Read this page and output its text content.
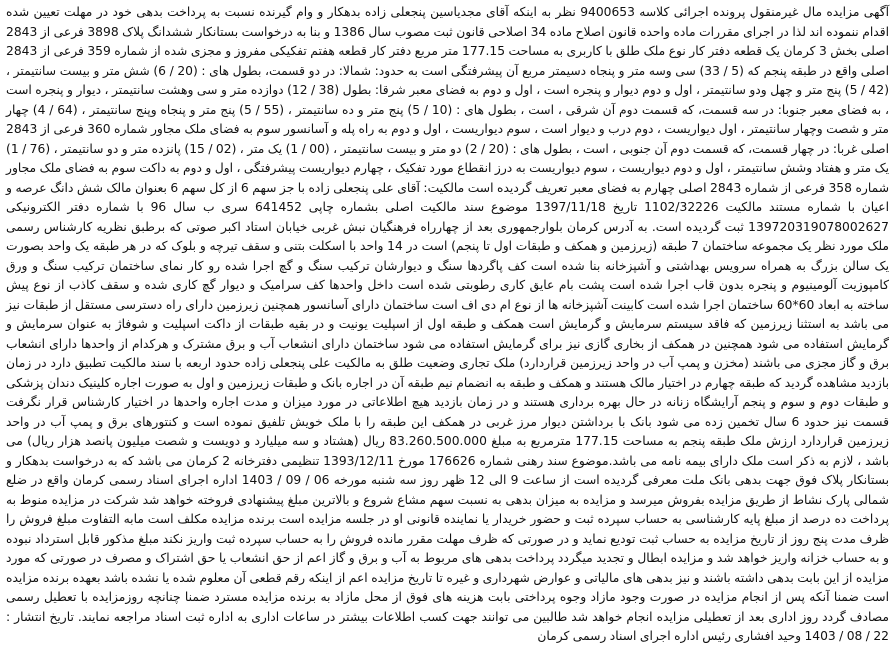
آگهی مزایده مال غیرمنقول پرونده اجرائی کلاسه 9400653 نظر به اینکه آقای مجدیاسین پنجعلی زاده بدهکار و وام گیرنده نسبت به پرداخت بدهی خود در مهلت تعیین شده اقدام ننموده اند لذا در اجرای مقررات ماده واحده قانون اصلاح ماده 34 اصلاحی قانون ثبت مصوب سال 1386 و بنا به درخواست بستانکار ششدانگ پلاک 3898 فرعی از 2843 اصلی بخش 3 کرمان یک قطعه دفتر کار نوع ملک طلق با کاربری به مساحت 177.15 متر مربع دفتر کار قطعه هفتم تفکیکی مفروز و مجزی شده از شماره 359 فرعی از 2843 اصلی واقع در طبقه پنجم که (5 / 33) سی وسه متر و پنجاه دسیمتر مربع آن پیشرفتگی است به حدود: شمالا: در دو قسمت، بطول های : (20 / 6) شش متر و بیست سانتیمتر ، (42 / 5) پنج متر و چهل ودو سانتیمتر ، اول و دوم دیوار و پنجره است ، اول و دوم به فضای معبر شرقا: بطول (38 / 12) دوازده متر و سی وهشت سانتیمتر ، دیوار و پنجره است ، به فضای معبر جنوبا: در سه قسمت، که قسمت دوم آن شرقی ، است ، بطول های : (10 / 5) پنج متر و ده سانتیمتر ، (55 / 5) پنج متر و پنجاه وپنج سانتیمتر ، (64 / 4) چهار متر و شصت وچهار سانتیمتر ، اول دیواریست ، دوم درب و دیوار است ، سوم دیواریست ، اول و دوم به راه پله و آسانسور سوم به فضای ملک مجاور شماره 360 فرعی از 2843 اصلی غربا: در چهار قسمت، که قسمت دوم آن جنوبی ، است ، بطول های : (20 / 2) دو متر و بیست سانتیمتر ، (00 / 1) یک متر ، (02 / 15) پانزده متر و دو سانتیمتر ، (76 / 1) یک متر و هفتاد وشش سانتیمتر ، اول و دوم دیواریست ، سوم دیواریست به درز انقطاع مورد تفکیک ، چهارم دیواریست پیشرفتگی ، اول و دوم به داکت سوم به فضای ملک مجاور شماره 358 فرعی از شماره 2843 اصلی چهارم به فضای معبر تعریف گردیده است مالکیت: آقای علی پنجعلی زاده با جز سهم 6 از کل سهم 6 بعنوان مالک شش دانگ عرصه و اعیان با شماره مستند مالکیت 1102/32226 تاریخ 1397/11/18 موضوع سند مالکیت اصلی بشماره چاپی 641452 سری ب سال 96 با شماره دفتر الکترونیکی 139720319078002627 ثبت گردیده است. به آدرس کرمان بلوارجمهوری بعد از چهارراه فرهنگیان نبش غربی خیابان استاد اکبر صوتی که برطبق نظریه کارشناس رسمی ملک مورد نظر یک مجموعه ساختمان 7 طبقه (زیرزمین و همکف و طبقات اول تا پنجم) است در 14 واحد با اسکلت بتنی و سقف تیرچه و بلوک که در هر طبقه یک واحد بصورت یک سالن بزرگ به همراه سرویس بهداشتی و آشپزخانه بنا شده است کف پاگردها سنگ و دیوارشان ترکیب سنگ و گچ اجرا شده رو کار نمای ساختمان ترکیب سنگ و ورق کامپوزیت آلومینیوم و پنجره بدون قاب اجرا شده است پشت بام عایق کاری رطوبتی شده است داخل واحدها کف سرامیک و دیوار گچ کاری شده و سقف کاذب از نوع پیش ساخته به ابعاد 60*60 ساختمان اجرا شده است کابینت آشپزخانه ها از نوع ام دی اف است ساختمان دارای آسانسور همچنین زیرزمین دارای راه دسترسی مستقل از طبقات نیز می باشد به استثنا زیرزمین که فاقد سیستم سرمایش و گرمایش است همکف و طبقه اول از اسپلیت یونیت و در بقیه طبقات از داکت اسپلیت و شوفاژ به عنوان سرمایش و گرمایش استفاده می شود همچنین در همکف از بخاری گازی نیز برای گرمایش استفاده می شود ساختمان دارای انشعاب آب و برق مشترک و هرکدام از واحدها دارای انشعاب برق و گاز مجزی می باشند (مخزن و پمپ آب در واحد زیرزمین قراردارد) ملک تجاری وضعیت طلق به مالکیت علی پنجعلی زاده حدود اربعه با سند مالکیت تطبیق دارد در زمان بازدید مشاهده گردید که طبقه چهارم در اختیار مالک هستند و همکف و طبقه به انضمام نیم طبقه آن در اجاره بانک و طبقات زیرزمین و اول به صورت اجاره کلینیک دندان پزشکی و طبقات دوم و سوم و پنجم آرایشگاه زنانه در حال بهره برداری هستند و در زمان بازدید هیچ اطلاعاتی در مورد میزان و مدت اجاره واحدها در اختیار کارشناس قرار نگرفت قسمت نیز حدود 6 سال تخمین زده می شود بانک با برداشتن دیوار مرز غربی در همکف این طبقه را با ملک خویش تلفیق نموده است و کنتورهای برق و پمپ آب در واحد زیرزمین قراردارد ارزش ملک طبقه پنجم به مساحت 177.15 مترمربع به مبلغ 83.260.500.000 ریال (هشتاد و سه میلیارد و دویست و شصت میلیون پانصد هزار ریال) می باشد ، لازم به ذکر است ملک دارای بیمه نامه می باشد.موضوع سند رهنی شماره 176626 مورخ 1393/12/11 تنظیمی دفترخانه 2 کرمان می باشد که به درخواست بدهکار و بستانکار پلاک فوق جهت بدهی بانک ملت معرفی گردیده است از ساعت 9 الی 12 ظهر روز سه شنبه مورخه 06 / 09 / 1403 اداره اجرای اسناد رسمی کرمان واقع در ضلع شمالی پارک نشاط از طریق مزایده بفروش میرسد و مزایده به میزان بدهی به نسبت سهم مشاع شروع و بالاترین مبلغ پیشنهادی فروخته خواهد شد شرکت در مزایده منوط به پرداخت ده درصد از مبلغ پایه کارشناسی به حساب سپرده ثبت و حضور خریدار یا نماینده قانونی او در جلسه مزایده است برنده مزایده مکلف است مابه التفاوت مبلغ فروش را ظرف مدت پنج روز از تاریخ مزایده به حساب ثبت توديع نمايد و در صورتی که ظرف مهلت مقرر مانده فروش را به حساب سپرده ثبت واریز نکند مبلغ مذکور قابل استرداد نبوده و به حساب خزانه واریز خواهد شد و مزایده ابطال و تجدید میگردد پرداخت بدهی های مربوط به آب و برق و گاز اعم از حق انشعاب یا حق اشتراک و مصرف در صورتی که مورد مزایده از این بابت بدهی داشته باشند و نیز بدهی های مالیاتی و عوارض شهرداری و غیره تا تاریخ مزایده اعم از اینکه رقم قطعی آن معلوم شده یا نشده باشد بعهده برنده مزایده است ضمنا آنکه پس از انجام مزایده در صورت وجود مازاد وجوه پرداختی بابت هزینه های فوق از محل مازاد به برنده مزایده مسترد ضمنا چنانچه روزمزایده با تعطیل رسمی مصادف گردد روز اداری بعد از تعطیلی مزایده انجام خواهد شد طالبین می توانند جهت کسب اطلاعات بیشتر در ساعات اداری به اداره ثبت اسناد مراجعه نمایند. تاریخ انتشار : 22 / 08 / 1403 وحید افشاری رئیس اداره اجرای اسناد رسمی کرمان
